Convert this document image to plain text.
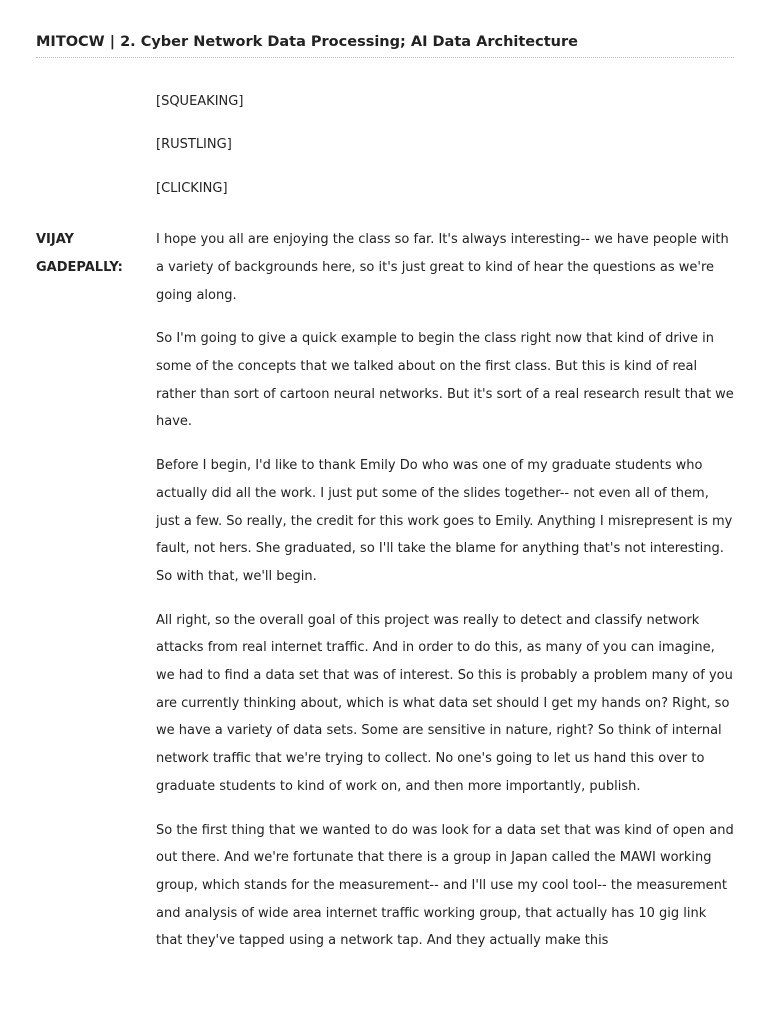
MITOCW | 2. Cyber Network Data Processing; AI Data Architecture
[SQUEAKING]
[RUSTLING]
[CLICKING]
VIJAY
GADEPALLY:

I hope you all are enjoying the class so far. It's always interesting-- we have people with a variety of backgrounds here, so it's just great to kind of hear the questions as we're going along.

So I'm going to give a quick example to begin the class right now that kind of drive in some of the concepts that we talked about on the first class. But this is kind of real rather than sort of cartoon neural networks. But it's sort of a real research result that we have.

Before I begin, I'd like to thank Emily Do who was one of my graduate students who actually did all the work. I just put some of the slides together-- not even all of them, just a few. So really, the credit for this work goes to Emily. Anything I misrepresent is my fault, not hers. She graduated, so I'll take the blame for anything that's not interesting. So with that, we'll begin.

All right, so the overall goal of this project was really to detect and classify network attacks from real internet traffic. And in order to do this, as many of you can imagine, we had to find a data set that was of interest. So this is probably a problem many of you are currently thinking about, which is what data set should I get my hands on? Right, so we have a variety of data sets. Some are sensitive in nature, right? So think of internal network traffic that we're trying to collect. No one's going to let us hand this over to graduate students to kind of work on, and then more importantly, publish.

So the first thing that we wanted to do was look for a data set that was kind of open and out there. And we're fortunate that there is a group in Japan called the MAWI working group, which stands for the measurement-- and I'll use my cool tool-- the measurement and analysis of wide area internet traffic working group, that actually has 10 gig link that they've tapped using a network tap. And they actually make this
